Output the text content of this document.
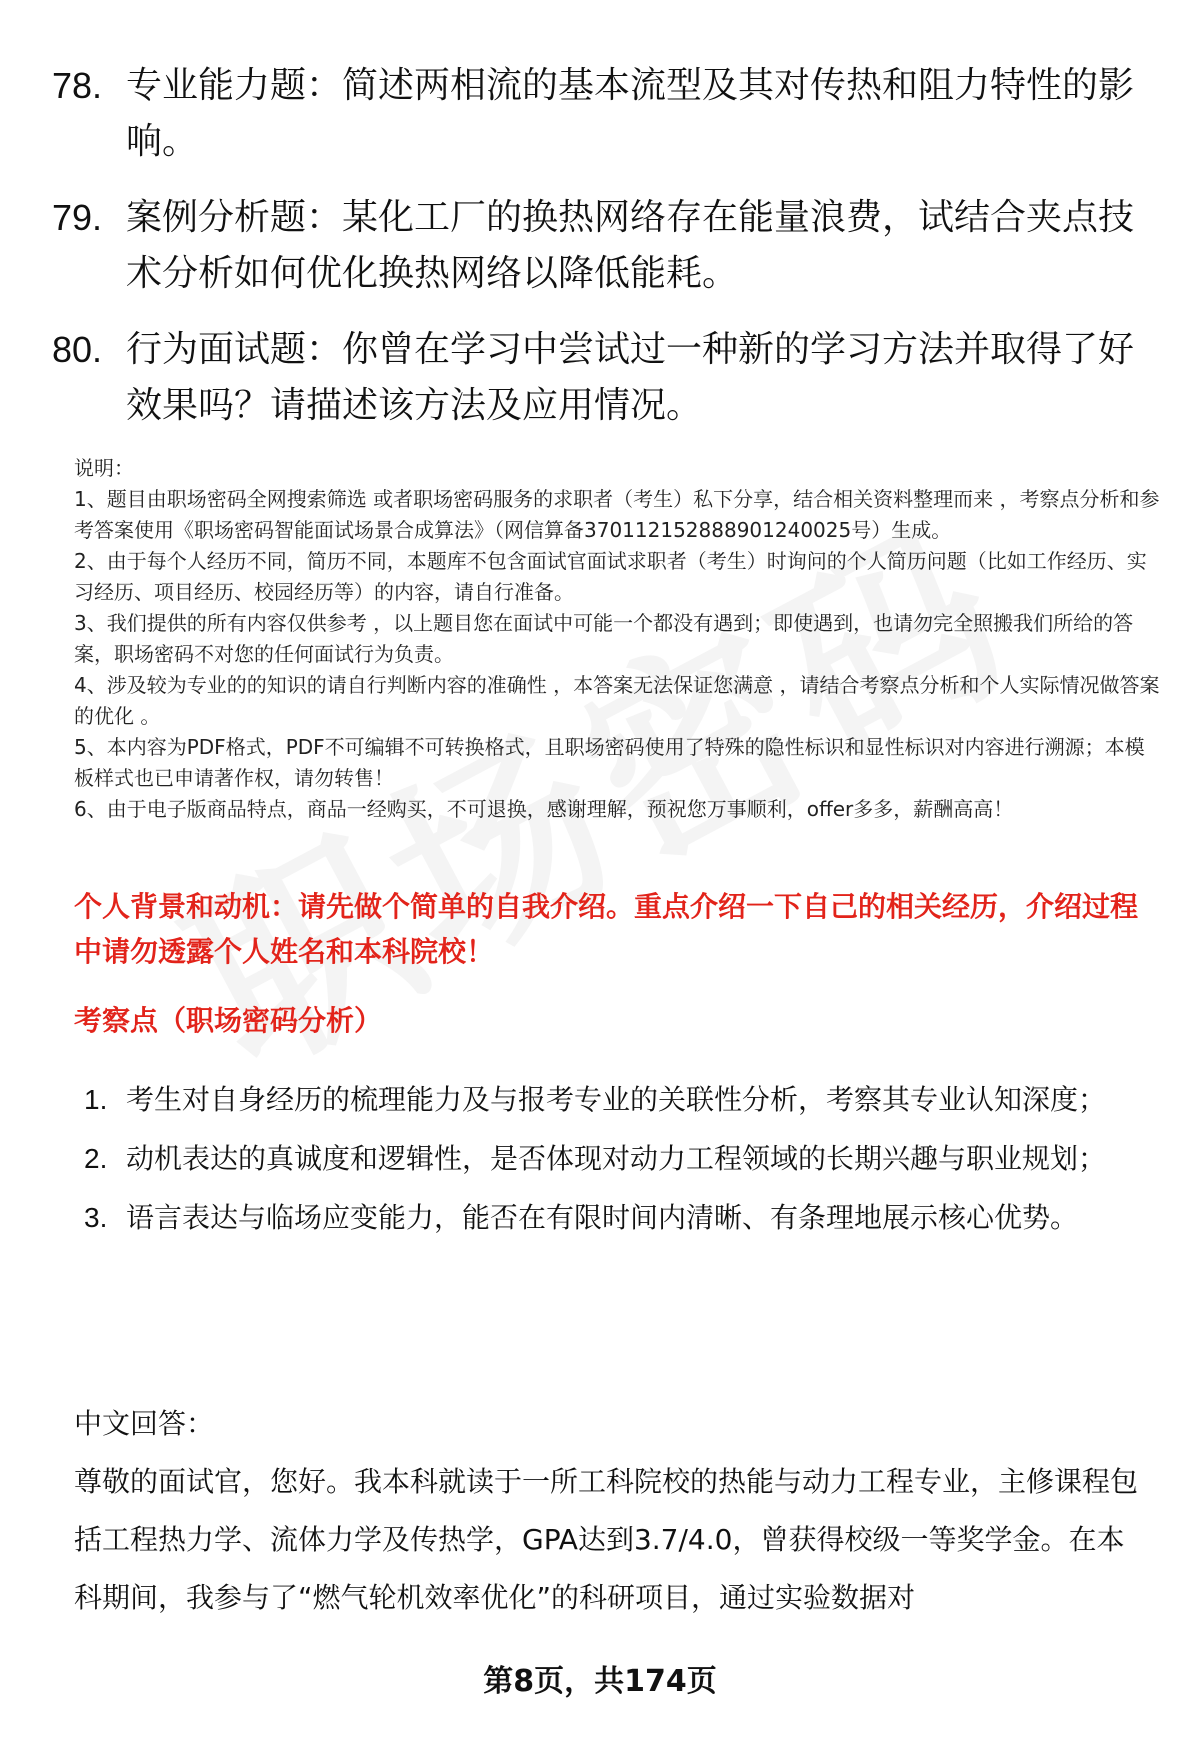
78. 专业能力题：简述两相流的基本流型及其对传热和阻力特性的影响。
79. 案例分析题：某化工厂的换热网络存在能量浪费，试结合夹点技术分析如何优化换热网络以降低能耗。
80. 行为面试题：你曾在学习中尝试过一种新的学习方法并取得了好效果吗？请描述该方法及应用情况。

说明：

1、题目由职场密码全网搜索筛选 或者职场密码服务的求职者（考生）私下分享，结合相关资料整理而来 ，考察点分析和参考答案使用《职场密码智能面试场景合成算法》（网信算备370112152888901240025号）生成。

2、由于每个人经历不同，简历不同，本题库不包含面试官面试求职者（考生）时询问的个人简历问题（比如工作经历、实习经历、项目经历、校园经历等）的内容，请自行准备。

3、我们提供的所有内容仅供参考 ，以上题目您在面试中可能一个都没有遇到；即使遇到，也请勿完全照搬我们所给的答案，职场密码不对您的任何面试行为负责。

4、涉及较为专业的的知识的请自行判断内容的准确性 ，本答案无法保证您满意 ，请结合考察点分析和个人实际情况做答案的优化 。

5、本内容为PDF格式，PDF不可编辑不可转换格式，且职场密码使用了特殊的隐性标识和显性标识对内容进行溯源；本模板样式也已申请著作权，请勿转售！

6、由于电子版商品特点，商品一经购买，不可退换，感谢理解，预祝您万事顺利，offer多多，薪酬高高！

个人背景和动机：请先做个简单的自我介绍。重点介绍一下自己的相关经历，介绍过程中请勿透露个人姓名和本科院校！
考察点（职场密码分析）
1. 考生对自身经历的梳理能力及与报考专业的关联性分析，考察其专业认知深度；
2. 动机表达的真诚度和逻辑性，是否体现对动力工程领域的长期兴趣与职业规划；
3. 语言表达与临场应变能力，能否在有限时间内清晰、有条理地展示核心优势。
中文回答：
尊敬的面试官，您好。我本科就读于一所工科院校的热能与动力工程专业，主修课程包括工程热力学、流体力学及传热学，GPA达到3.7/4.0，曾获得校级一等奖学金。在本科期间，我参与了“燃气轮机效率优化”的科研项目，通过实验数据对
第8页，共174页
